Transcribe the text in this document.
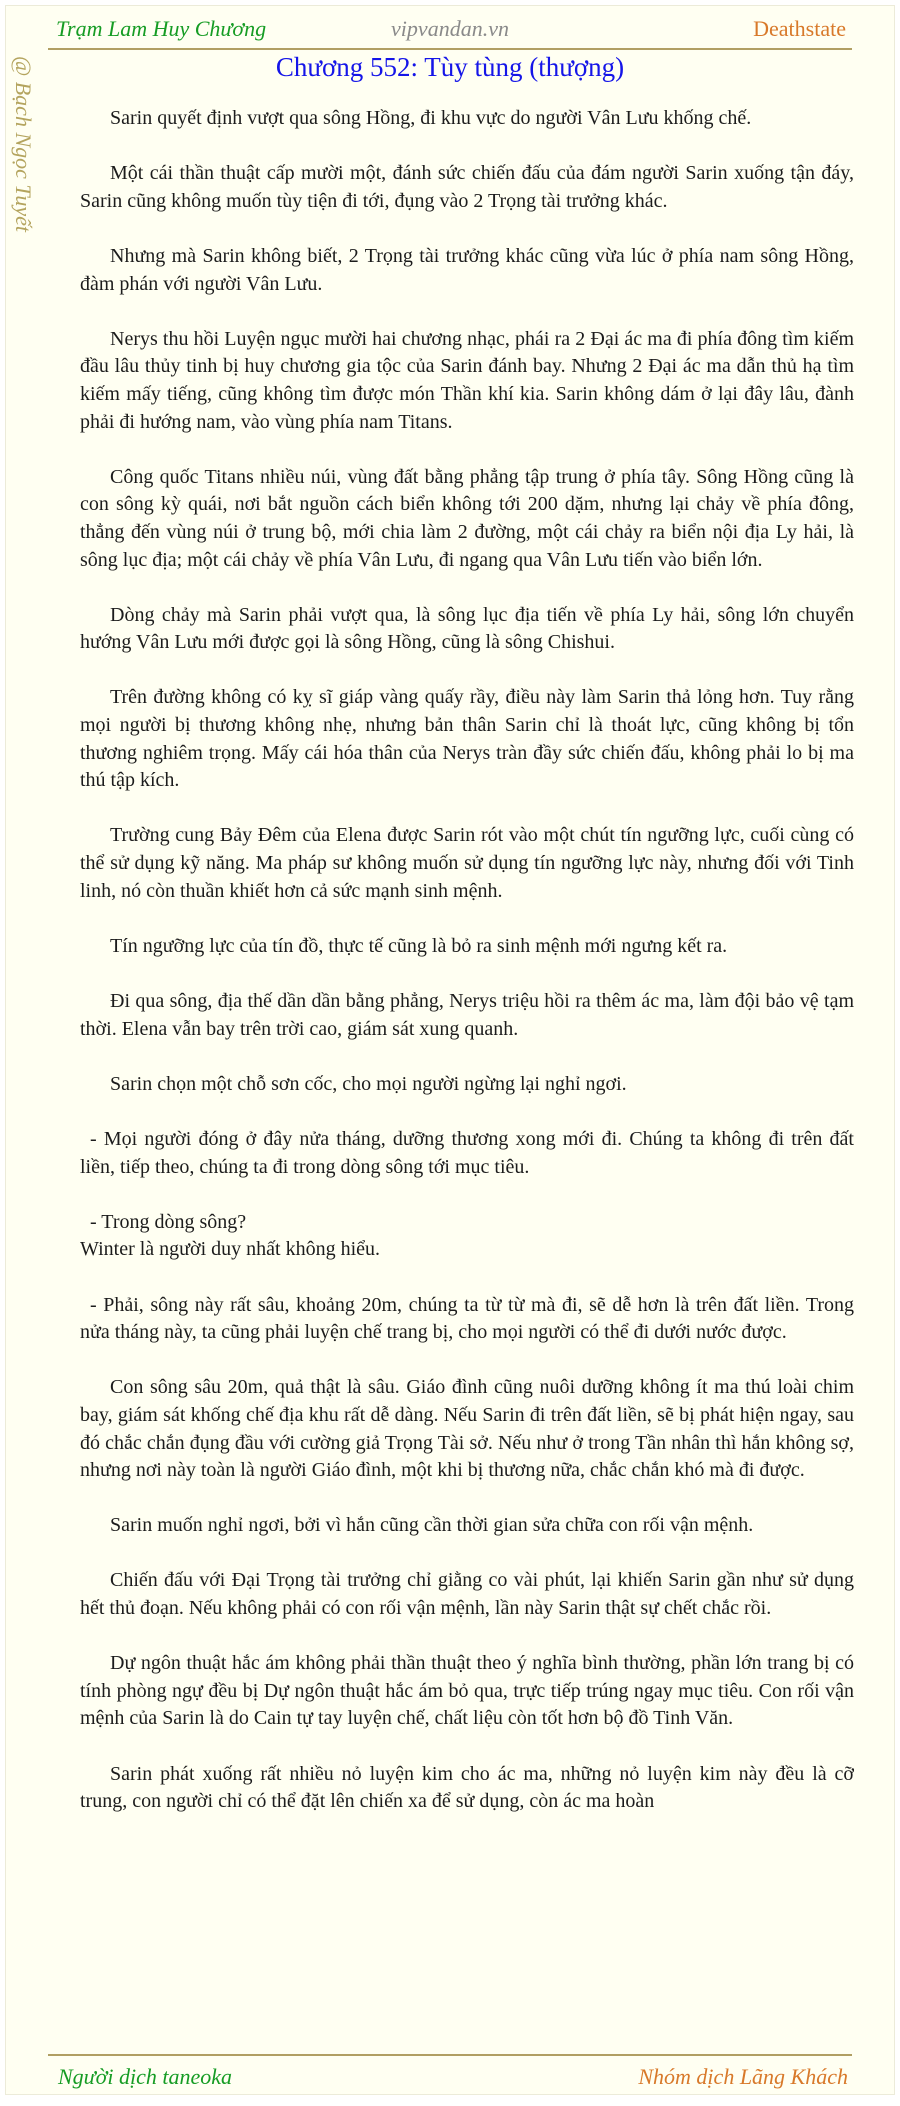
Trạm Lam Huy Chương	vipvandan.vn	Deathstate
@ Bạch Ngọc Tuyết	Chương 552: Tùy tùng (thượng)

Sarin quyết định vượt qua sông Hồng, đi khu vực do người Vân Lưu khống chế.

Một cái thần thuật cấp mười một, đánh sức chiến đấu của đám người Sarin xuống tận đáy, Sarin cũng không muốn tùy tiện đi tới, đụng vào 2 Trọng tài trưởng khác.

Nhưng mà Sarin không biết, 2 Trọng tài trưởng khác cũng vừa lúc ở phía nam sông Hồng, đàm phán với người Vân Lưu.

Nerys thu hồi Luyện ngục mười hai chương nhạc, phái ra 2 Đại ác ma đi phía đông tìm kiếm đầu lâu thủy tinh bị huy chương gia tộc của Sarin đánh bay. Nhưng 2 Đại ác ma dẫn thủ hạ tìm kiếm mấy tiếng, cũng không tìm được món Thần khí kia. Sarin không dám ở lại đây lâu, đành phải đi hướng nam, vào vùng phía nam Titans.

Công quốc Titans nhiều núi, vùng đất bằng phẳng tập trung ở phía tây. Sông Hồng cũng là con sông kỳ quái, nơi bắt nguồn cách biển không tới 200 dặm, nhưng lại chảy về phía đông, thẳng đến vùng núi ở trung bộ, mới chia làm 2 đường, một cái chảy ra biển nội địa Ly hải, là sông lục địa; một cái chảy về phía Vân Lưu, đi ngang qua Vân Lưu tiến vào biển lớn.

Dòng chảy mà Sarin phải vượt qua, là sông lục địa tiến về phía Ly hải, sông lớn chuyển hướng Vân Lưu mới được gọi là sông Hồng, cũng là sông Chishui.

Trên đường không có kỵ sĩ giáp vàng quấy rầy, điều này làm Sarin thả lỏng hơn. Tuy rằng mọi người bị thương không nhẹ, nhưng bản thân Sarin chỉ là thoát lực, cũng không bị tổn thương nghiêm trọng. Mấy cái hóa thân của Nerys tràn đầy sức chiến đấu, không phải lo bị ma thú tập kích.

Trường cung Bảy Đêm của Elena được Sarin rót vào một chút tín ngưỡng lực, cuối cùng có thể sử dụng kỹ năng. Ma pháp sư không muốn sử dụng tín ngưỡng lực này, nhưng đối với Tinh linh, nó còn thuần khiết hơn cả sức mạnh sinh mệnh.

Tín ngưỡng lực của tín đồ, thực tế cũng là bỏ ra sinh mệnh mới ngưng kết ra.

Đi qua sông, địa thế dần dần bằng phẳng, Nerys triệu hồi ra thêm ác ma, làm đội bảo vệ tạm thời. Elena vẫn bay trên trời cao, giám sát xung quanh.

Sarin chọn một chỗ sơn cốc, cho mọi người ngừng lại nghỉ ngơi.

- Mọi người đóng ở đây nửa tháng, dưỡng thương xong mới đi. Chúng ta không đi trên đất liền, tiếp theo, chúng ta đi trong dòng sông tới mục tiêu.

- Trong dòng sông?

Winter là người duy nhất không hiểu.

- Phải, sông này rất sâu, khoảng 20m, chúng ta từ từ mà đi, sẽ dễ hơn là trên đất liền. Trong nửa tháng này, ta cũng phải luyện chế trang bị, cho mọi người có thể đi dưới nước được.

Con sông sâu 20m, quả thật là sâu. Giáo đình cũng nuôi dưỡng không ít ma thú loài chim bay, giám sát khống chế địa khu rất dễ dàng. Nếu Sarin đi trên đất liền, sẽ bị phát hiện ngay, sau đó chắc chắn đụng đầu với cường giả Trọng Tài sở. Nếu như ở trong Tần nhân thì hắn không sợ, nhưng nơi này toàn là người Giáo đình, một khi bị thương nữa, chắc chắn khó mà đi được.

Sarin muốn nghỉ ngơi, bởi vì hắn cũng cần thời gian sửa chữa con rối vận mệnh.

Chiến đấu với Đại Trọng tài trưởng chỉ giằng co vài phút, lại khiến Sarin gần như sử dụng hết thủ đoạn. Nếu không phải có con rối vận mệnh, lần này Sarin thật sự chết chắc rồi.

Dự ngôn thuật hắc ám không phải thần thuật theo ý nghĩa bình thường, phần lớn trang bị có tính phòng ngự đều bị Dự ngôn thuật hắc ám bỏ qua, trực tiếp trúng ngay mục tiêu. Con rối vận mệnh của Sarin là do Cain tự tay luyện chế, chất liệu còn tốt hơn bộ đồ Tinh Văn.

Sarin phát xuống rất nhiều nỏ luyện kim cho ác ma, những nỏ luyện kim này đều là cỡ trung, con người chỉ có thể đặt lên chiến xa để sử dụng, còn ác ma hoàn

Người dịch taneoka	Nhóm dịch Lãng Khách
